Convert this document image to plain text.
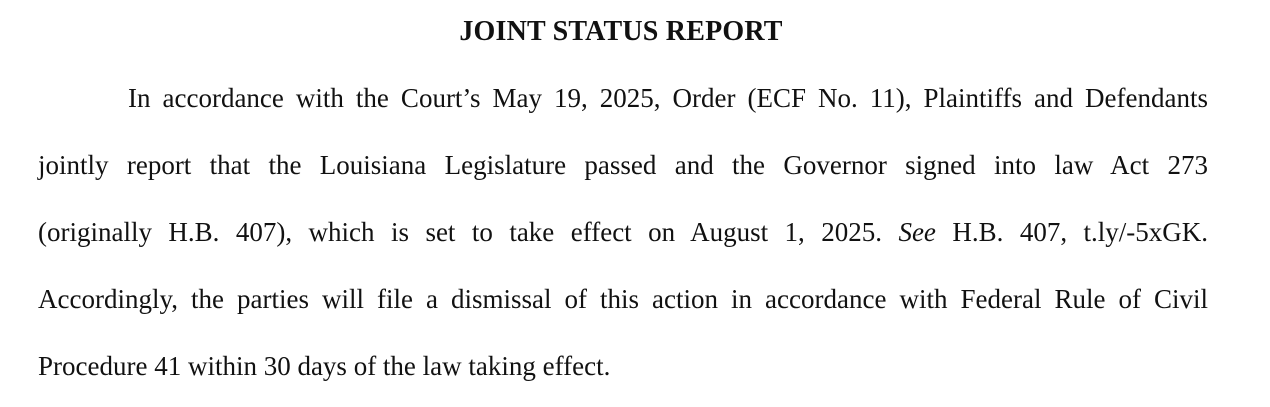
JOINT STATUS REPORT
In accordance with the Court’s May 19, 2025, Order (ECF No. 11), Plaintiffs and Defendants
jointly report that the Louisiana Legislature passed and the Governor signed into law Act 273
(originally H.B. 407), which is set to take effect on August 1, 2025. See H.B. 407, t.ly/-5xGK.
Accordingly, the parties will file a dismissal of this action in accordance with Federal Rule of Civil
Procedure 41 within 30 days of the law taking effect.
